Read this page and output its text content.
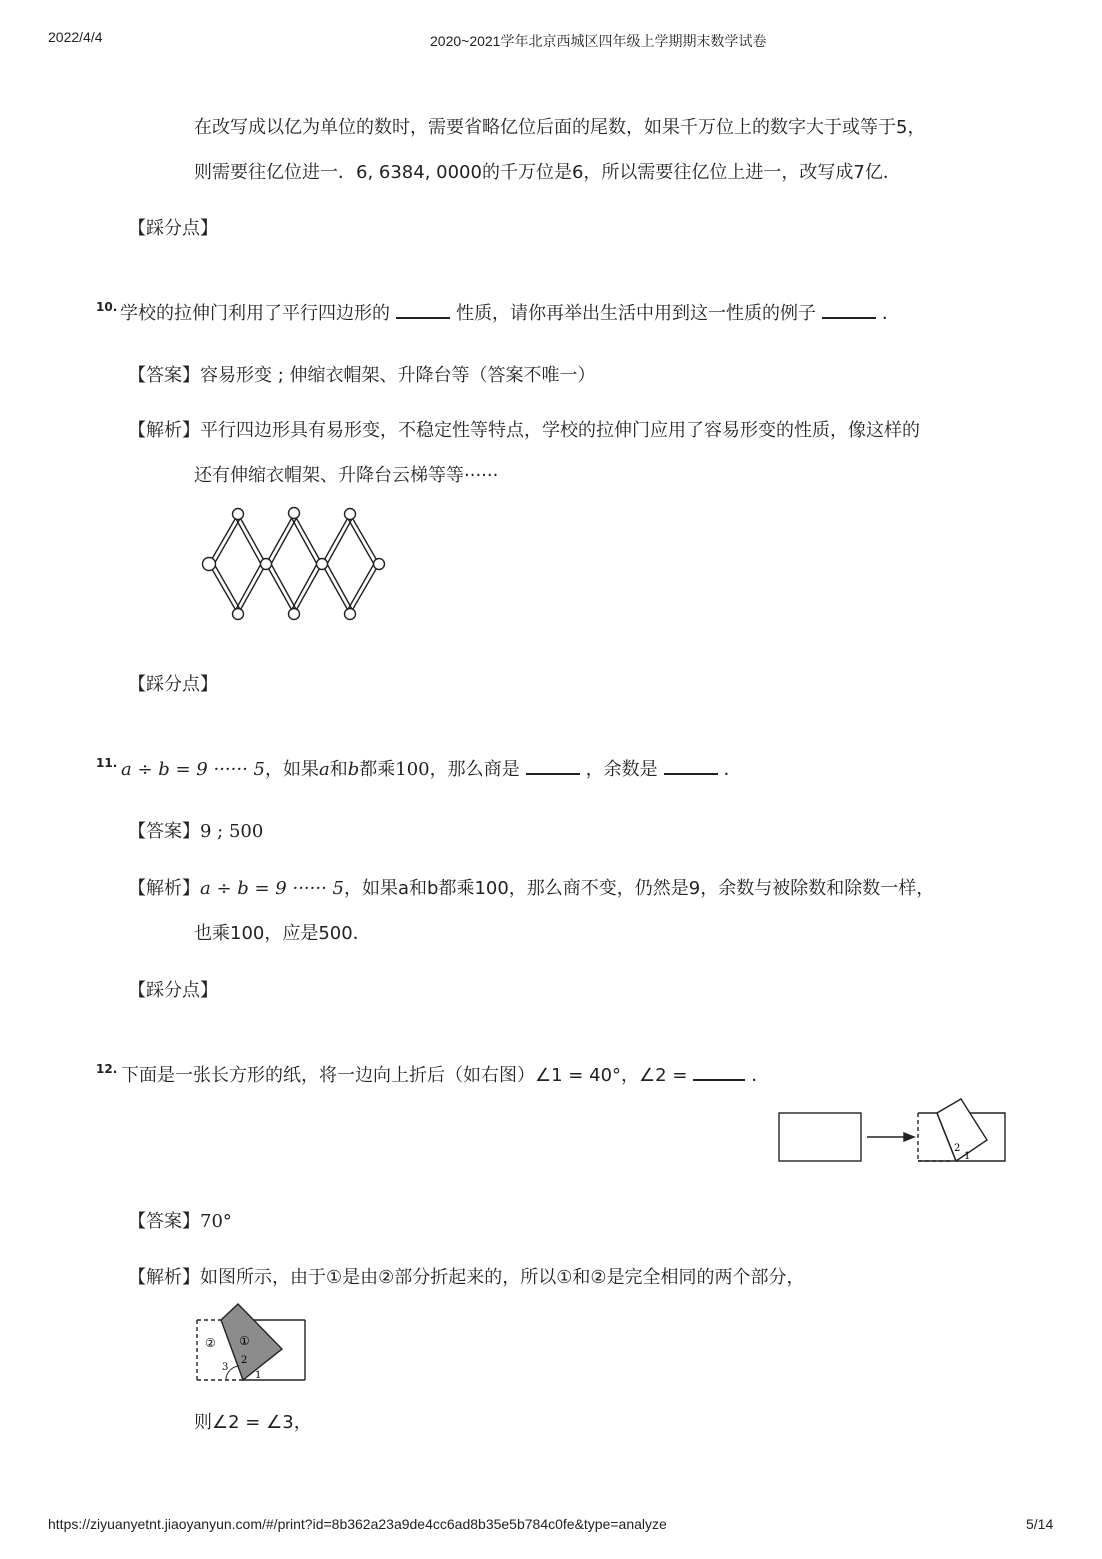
2022/4/4	2020~2021学年北京西城区四年级上学期期末数学试卷
在改写成以亿为单位的数时，需要省略亿位后面的尾数，如果千万位上的数字大于或等于5，
则需要往亿位进一．6, 6384, 0000的千万位是6，所以需要往亿位上进一，改写成7亿．
【踩分点】
10. 学校的拉伸门利用了平行四边形的	性质，请你再举出生活中用到这一性质的例子	．
【答案】容易形变 ; 伸缩衣帽架、升降台等（答案不唯一）
【解析】平行四边形具有易形变，不稳定性等特点，学校的拉伸门应用了容易形变的性质，像这样的
还有伸缩衣帽架、升降台云梯等等······
【踩分点】
11. a ÷ b = 9 ······ 5，如果a和b都乘100，那么商是	，余数是	．
【答案】9 ; 500
【解析】a ÷ b = 9 ······ 5，如果a和b都乘100，那么商不变，仍然是9，余数与被除数和除数一样，
也乘100，应是500．
【踩分点】
12. 下面是一张长方形的纸，将一边向上折后（如右图）∠1 = 40°，∠2 =	．
2
1
【答案】70°
【解析】如图所示，由于①是由②部分折起来的，所以①和②是完全相同的两个部分，
② ①
2
3
1
则∠2 = ∠3，
https://ziyuanyetnt.jiaoyanyun.com/#/print?id=8b362a23a9de4cc6ad8b35e5b784c0fe&type=analyze	5/14
